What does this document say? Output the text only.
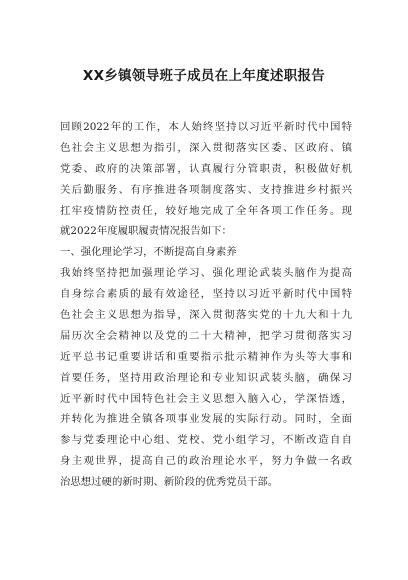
XX乡镇领导班子成员在上年度述职报告
回顾2022年的工作，本人始终坚持以习近平新时代中国特
色社会主义思想为指引，深入贯彻落实区委、区政府、镇
党委、政府的决策部署，认真履行分管职责，积极做好机
关后勤服务、有序推进各项制度落实、支持推进乡村振兴
扛牢疫情防控责任，较好地完成了全年各项工作任务。现
就2022年度履职履责情况报告如下：
一、强化理论学习，不断提高自身素养
我始终坚持把加强理论学习、强化理论武装头脑作为提高
自身综合素质的最有效途径，坚持以习近平新时代中国特
色社会主义思想为指导，深入贯彻落实党的十九大和十九
届历次全会精神以及党的二十大精神，把学习贯彻落实习
近平总书记重要讲话和重要指示批示精神作为头等大事和
首要任务，坚持用政治理论和专业知识武装头脑，确保习
近平新时代中国特色社会主义思想入脑入心，学深悟透，
并转化为推进全镇各项事业发展的实际行动。同时，全面
参与党委理论中心组、党校、党小组学习，不断改造自自
身主观世界，提高自己的政治理论水平，努力争做一名政
治思想过硬的新时期、新阶段的优秀党员干部。
